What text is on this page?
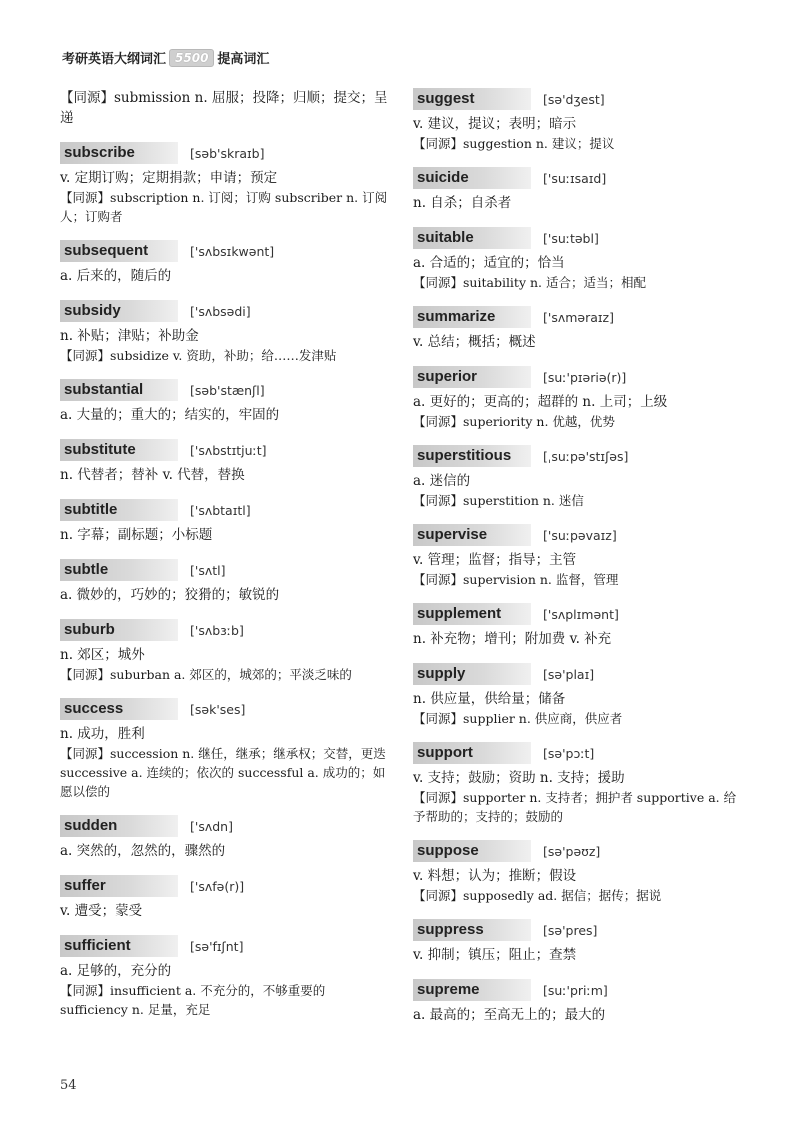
考研英语大纲词汇 5500 提高词汇
【同源】submission n. 屈服；投降；归顺；提交；呈递
subscribe	[səb'skraɪb]
v. 定期订购；定期捐款；申请；预定
【同源】subscription n. 订阅；订购 subscriber n. 订阅人；订购者
subsequent	['sʌbsɪkwənt]
a. 后来的，随后的
subsidy	['sʌbsədi]
n. 补贴；津贴；补助金
【同源】subsidize v. 资助，补助；给……发津贴
substantial	[səb'stænʃl]
a. 大量的；重大的；结实的，牢固的
substitute	['sʌbstɪtjuːt]
n. 代替者；替补 v. 代替，替换
subtitle	['sʌbtaɪtl]
n. 字幕；副标题；小标题
subtle	['sʌtl]
a. 微妙的，巧妙的；狡猾的；敏锐的
suburb	['sʌbɜːb]
n. 郊区；城外
【同源】suburban a. 郊区的，城郊的；平淡乏味的
success	[sək'ses]
n. 成功，胜利
【同源】succession n. 继任，继承；继承权；交替，更迭 successive a. 连续的；依次的 successful a. 成功的；如愿以偿的
sudden	['sʌdn]
a. 突然的，忽然的，骤然的
suffer	['sʌfə(r)]
v. 遭受；蒙受
sufficient	[sə'fɪʃnt]
a. 足够的，充分的
【同源】insufficient a. 不充分的，不够重要的 sufficiency n. 足量，充足
suggest	[sə'dʒest]
v. 建议，提议；表明；暗示
【同源】suggestion n. 建议；提议
suicide	['suːɪsaɪd]
n. 自杀；自杀者
suitable	['suːtəbl]
a. 合适的；适宜的；恰当
【同源】suitability n. 适合；适当；相配
summarize	['sʌməraɪz]
v. 总结；概括；概述
superior	[suː'pɪəriə(r)]
a. 更好的；更高的；超群的 n. 上司；上级
【同源】superiority n. 优越，优势
superstitious	[ˌsuːpə'stɪʃəs]
a. 迷信的
【同源】superstition n. 迷信
supervise	['suːpəvaɪz]
v. 管理；监督；指导；主管
【同源】supervision n. 监督，管理
supplement	['sʌplɪmənt]
n. 补充物；增刊；附加费 v. 补充
supply	[sə'plaɪ]
n. 供应量，供给量；储备
【同源】supplier n. 供应商，供应者
support	[sə'pɔːt]
v. 支持；鼓励；资助 n. 支持；援助
【同源】supporter n. 支持者；拥护者 supportive a. 给予帮助的；支持的；鼓励的
suppose	[sə'pəʊz]
v. 料想；认为；推断；假设
【同源】supposedly ad. 据信；据传；据说
suppress	[sə'pres]
v. 抑制；镇压；阻止；查禁
supreme	[suː'priːm]
a. 最高的；至高无上的；最大的
54
